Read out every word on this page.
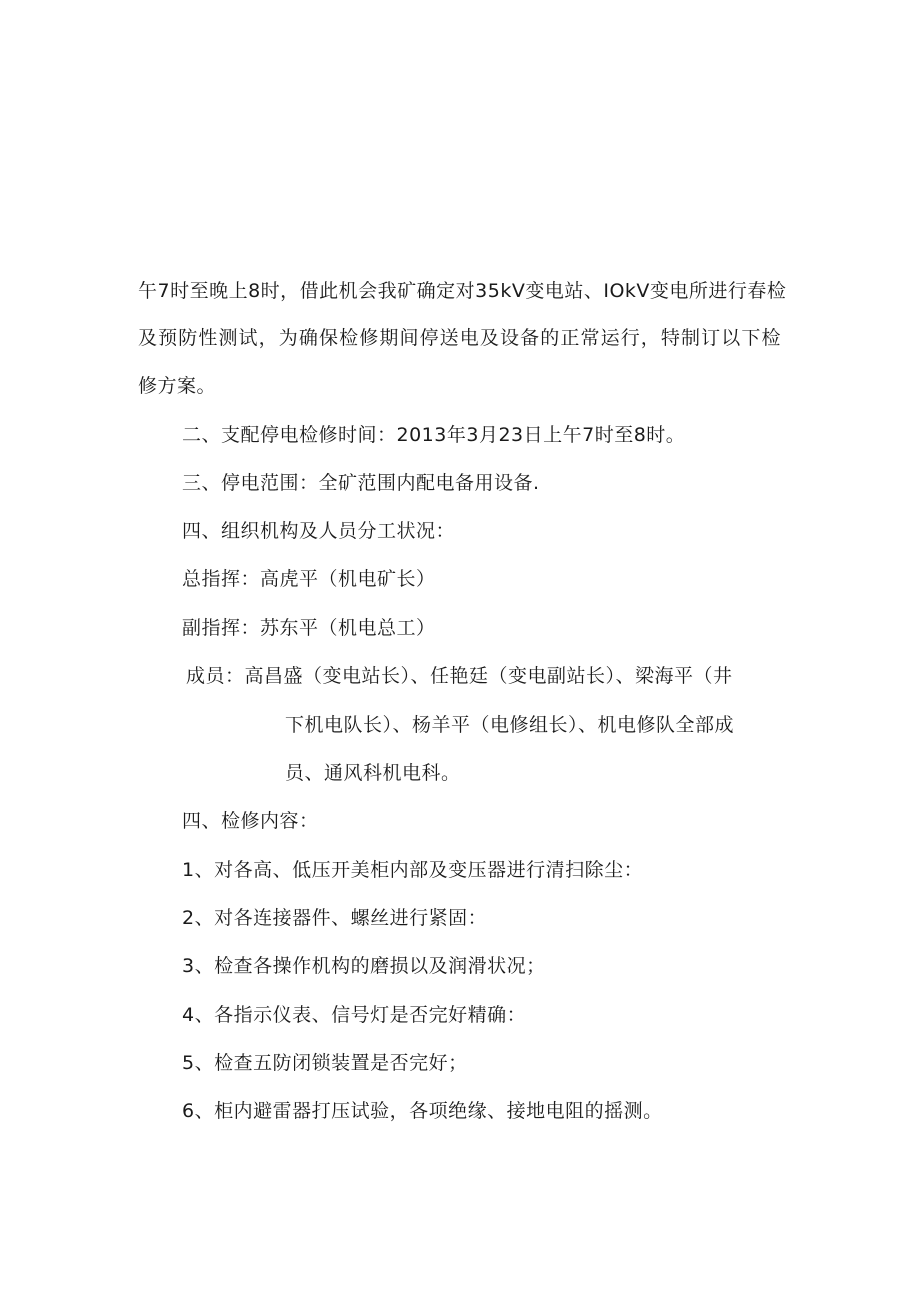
午7时至晚上8时，借此机会我矿确定对35kV变电站、IOkV变电所进行春检
及预防性测试，为确保检修期间停送电及设备的正常运行，特制订以下检
修方案。
二、支配停电检修时间：2013年3月23日上午7时至8时。
三、停电范围：全矿范围内配电备用设备.
四、组织机构及人员分工状况：
总指挥：高虎平（机电矿长）
副指挥：苏东平（机电总工）
成员：高昌盛（变电站长）、任艳廷（变电副站长）、梁海平（井
下机电队长）、杨羊平（电修组长）、机电修队全部成
员、通风科机电科。
四、检修内容：
1、对各高、低压开美柜内部及变压器进行清扫除尘：
2、对各连接器件、螺丝进行紧固：
3、检查各操作机构的磨损以及润滑状况；
4、各指示仪表、信号灯是否完好精确：
5、检查五防闭锁装置是否完好；
6、柜内避雷器打压试验，各项绝缘、接地电阻的摇测。
